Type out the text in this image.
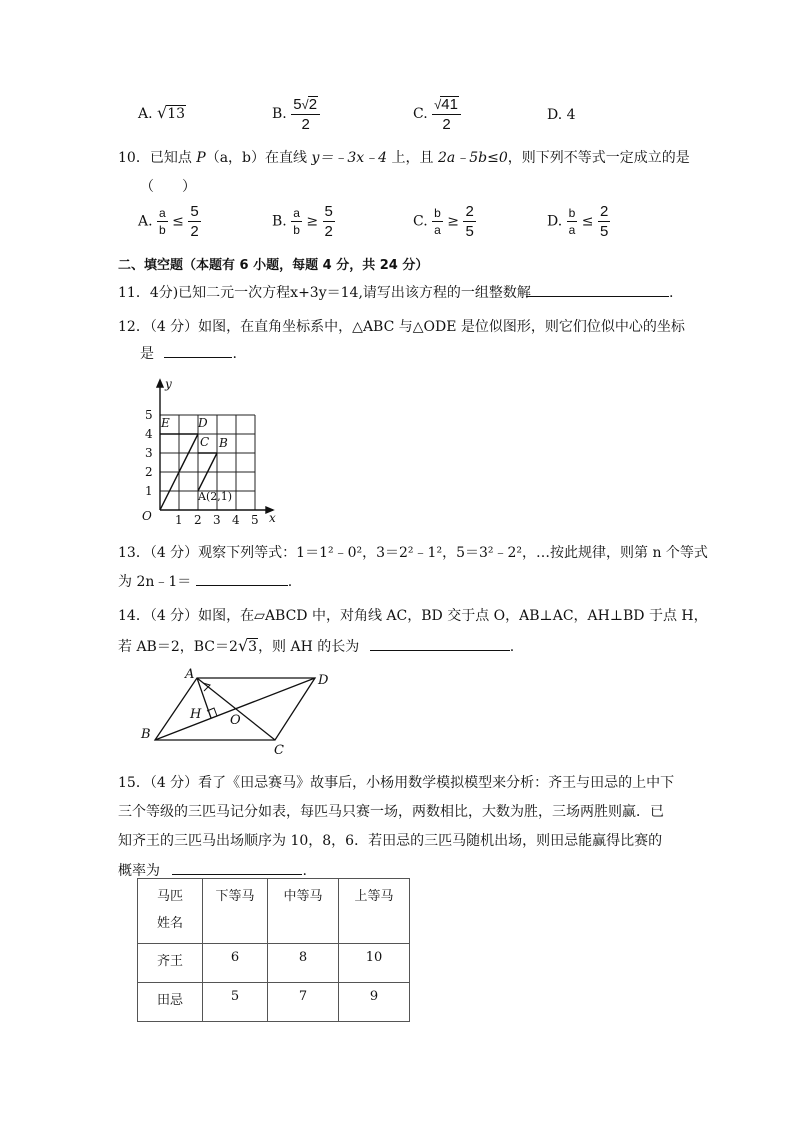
A. √13	B. $\frac{5√2}{2}$	C. $\frac{√41}{2}$	D. 4
10．已知点 P（a，b）在直线 y＝﹣3x﹣4 上，且 2a﹣5b≤0，则下列不等式一定成立的是
（　　）
A. $\frac{a}{b} \le \frac{5}{2}$	B. $\frac{a}{b} \ge \frac{5}{2}$	C. $\frac{b}{a} \ge \frac{2}{5}$	D. $\frac{b}{a} \le \frac{2}{5}$
二、填空题（本题有 6 小题，每题 4 分，共 24 分）
11．4分)已知二元一次方程x+3y＝14,请写出该方程的一组整数解	.
12．（4 分）如图，在直角坐标系中，△ABC 与△ODE 是位似图形，则它们位似中心的坐标
是	.
y
x
O
1
2
3
4
5
1 2 3 4 5
E D
C B
A(2,1)
13．（4 分）观察下列等式：1＝1²﹣0²，3＝2²﹣1²，5＝3²﹣2²，…按此规律，则第 n 个等式
为 2n﹣1＝	.
14．（4 分）如图，在▱ABCD 中，对角线 AC，BD 交于点 O，AB⊥AC，AH⊥BD 于点 H，
若 AB＝2，BC＝2√3，则 AH 的长为	.
A	D
C
B
H O
15．（4 分）看了《田忌赛马》故事后，小杨用数学模拟模型来分析：齐王与田忌的上中下
三个等级的三匹马记分如表，每匹马只赛一场，两数相比，大数为胜，三场两胜则赢．已
知齐王的三匹马出场顺序为 10，8，6．若田忌的三匹马随机出场，则田忌能赢得比赛的
概率为	.
马匹
姓名	下等马	中等马	上等马
齐王	6	8	10
田忌	5	7	9
